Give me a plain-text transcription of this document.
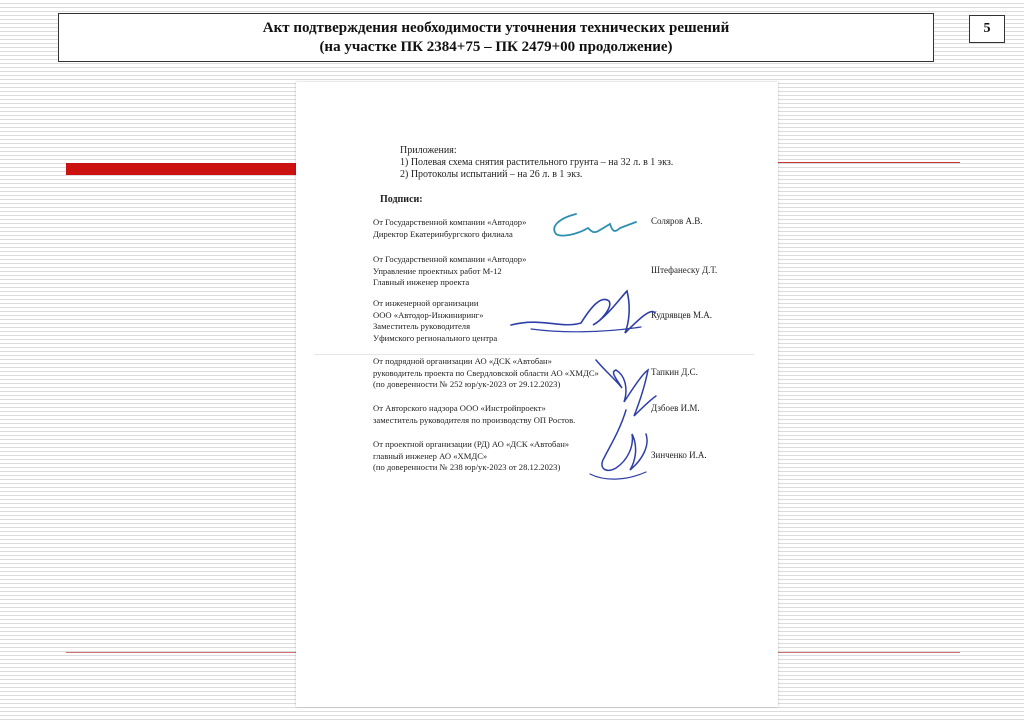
Акт подтверждения необходимости уточнения технических решений
(на участке ПК 2384+75 – ПК 2479+00 продолжение)
5
Приложения:
1) Полевая схема снятия растительного грунта – на 32 л. в 1 экз.
2) Протоколы испытаний – на 26 л. в 1 экз.
Подписи:
От Государственной компании «Автодор»
Директор Екатеринбургского филиала
Соляров А.В.
От Государственной компании «Автодор»
Управление проектных работ М-12
Главный инженер проекта
Штефанеску Д.Т.
От инженерной организации
ООО «Автодор-Инжиниринг»
Заместитель руководителя
Уфимского регионального центра
Кудрявцев М.А.
От подрядной организации АО «ДСК «Автобан»
руководитель проекта по Свердловской области АО «ХМДС»
(по доверенности № 252 юр/ук-2023 от 29.12.2023)
Тапкин Д.С.
От Авторского надзора ООО «Инстройпроект»
заместитель руководителя по производству ОП Ростов.
Дзбоев И.М.
От проектной организации (РД) АО «ДСК «Автобан»
главный инженер АО «ХМДС»
(по доверенности № 238 юр/ук-2023 от 28.12.2023)
Зинченко И.А.
